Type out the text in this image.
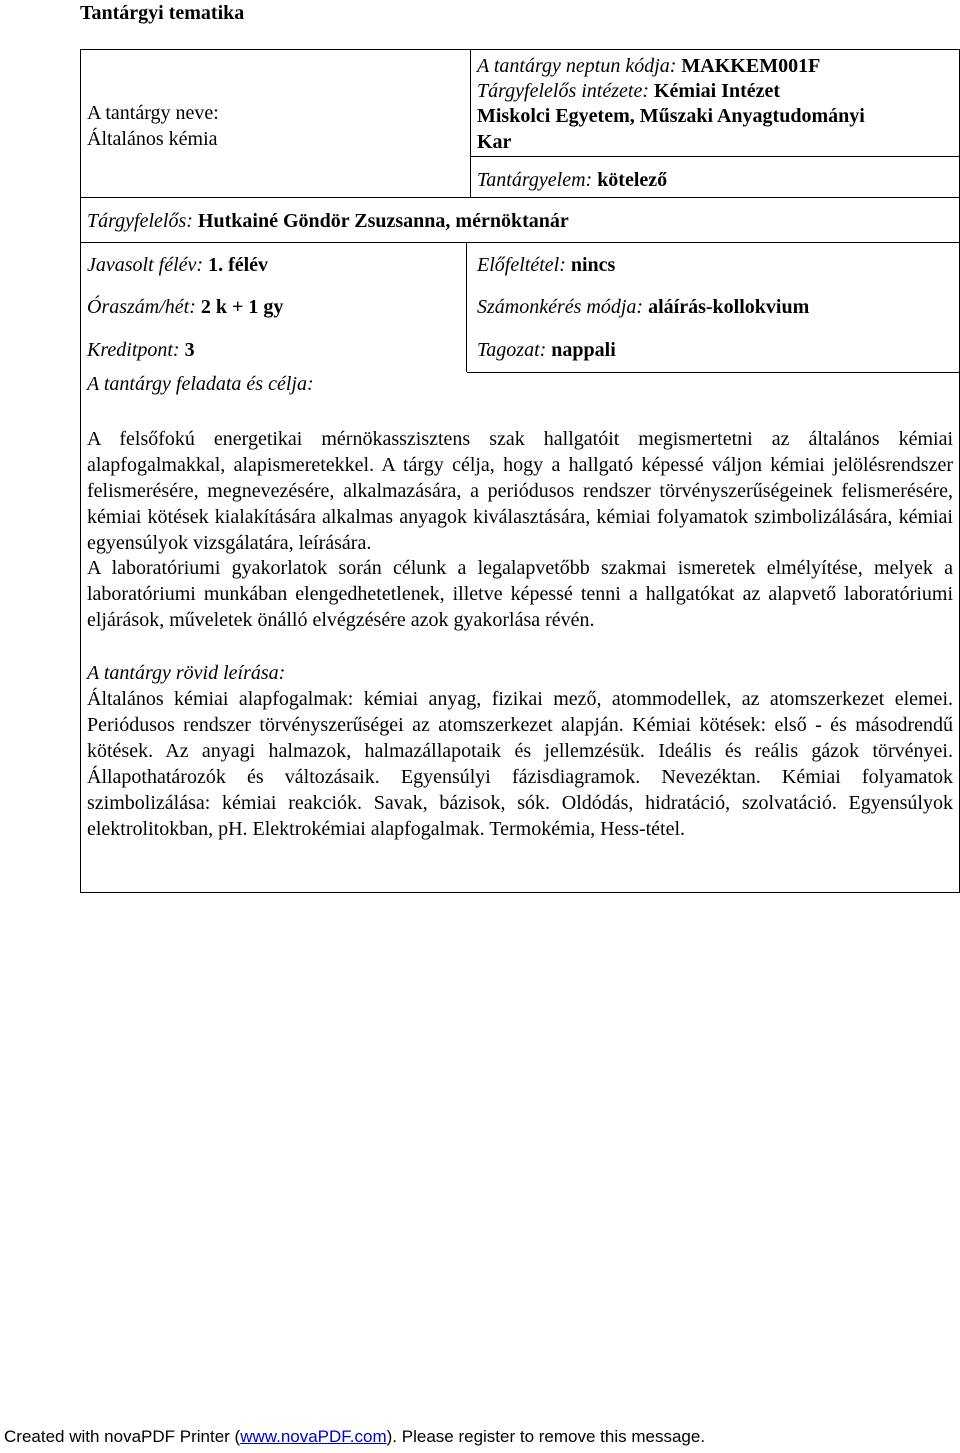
Tantárgyi tematika
A tantárgy neve:
Általános kémia
A tantárgy neptun kódja: MAKKEM001F
Tárgyfelelős intézete: Kémiai Intézet
Miskolci Egyetem, Műszaki Anyagtudományi
Kar
Tantárgyelem: kötelező
Tárgyfelelős: Hutkainé Göndör Zsuzsanna, mérnöktanár
Javasolt félév: 1. félév
Óraszám/hét: 2 k + 1 gy
Kreditpont: 3
A tantárgy feladata és célja:
Előfeltétel: nincs
Számonkérés módja: aláírás-kollokvium
Tagozat: nappali
A felsőfokú energetikai mérnökasszisztens szak hallgatóit megismertetni az általános kémiai alapfogalmakkal, alapismeretekkel. A tárgy célja, hogy a hallgató képessé váljon kémiai jelölésrendszer felismerésére, megnevezésére, alkalmazására, a periódusos rendszer törvényszerűségeinek felismerésére, kémiai kötések kialakítására alkalmas anyagok kiválasztására, kémiai folyamatok szimbolizálására, kémiai egyensúlyok vizsgálatára, leírására.
A laboratóriumi gyakorlatok során célunk a legalapvetőbb szakmai ismeretek elmélyítése, melyek a laboratóriumi munkában elengedhetetlenek, illetve képessé tenni a hallgatókat az alapvető laboratóriumi eljárások, műveletek önálló elvégzésére azok gyakorlása révén.
A tantárgy rövid leírása:
Általános kémiai alapfogalmak: kémiai anyag, fizikai mező, atommodellek, az atomszerkezet elemei. Periódusos rendszer törvényszerűségei az atomszerkezet alapján. Kémiai kötések: első - és másodrendű kötések. Az anyagi halmazok, halmazállapotaik és jellemzésük. Ideális és reális gázok törvényei. Állapothatározók és változásaik. Egyensúlyi fázisdiagramok. Nevezéktan. Kémiai folyamatok szimbolizálása: kémiai reakciók. Savak, bázisok, sók. Oldódás, hidratáció, szolvatáció. Egyensúlyok elektrolitokban, pH. Elektrokémiai alapfogalmak. Termokémia, Hess-tétel.
Created with novaPDF Printer (www.novaPDF.com). Please register to remove this message.
